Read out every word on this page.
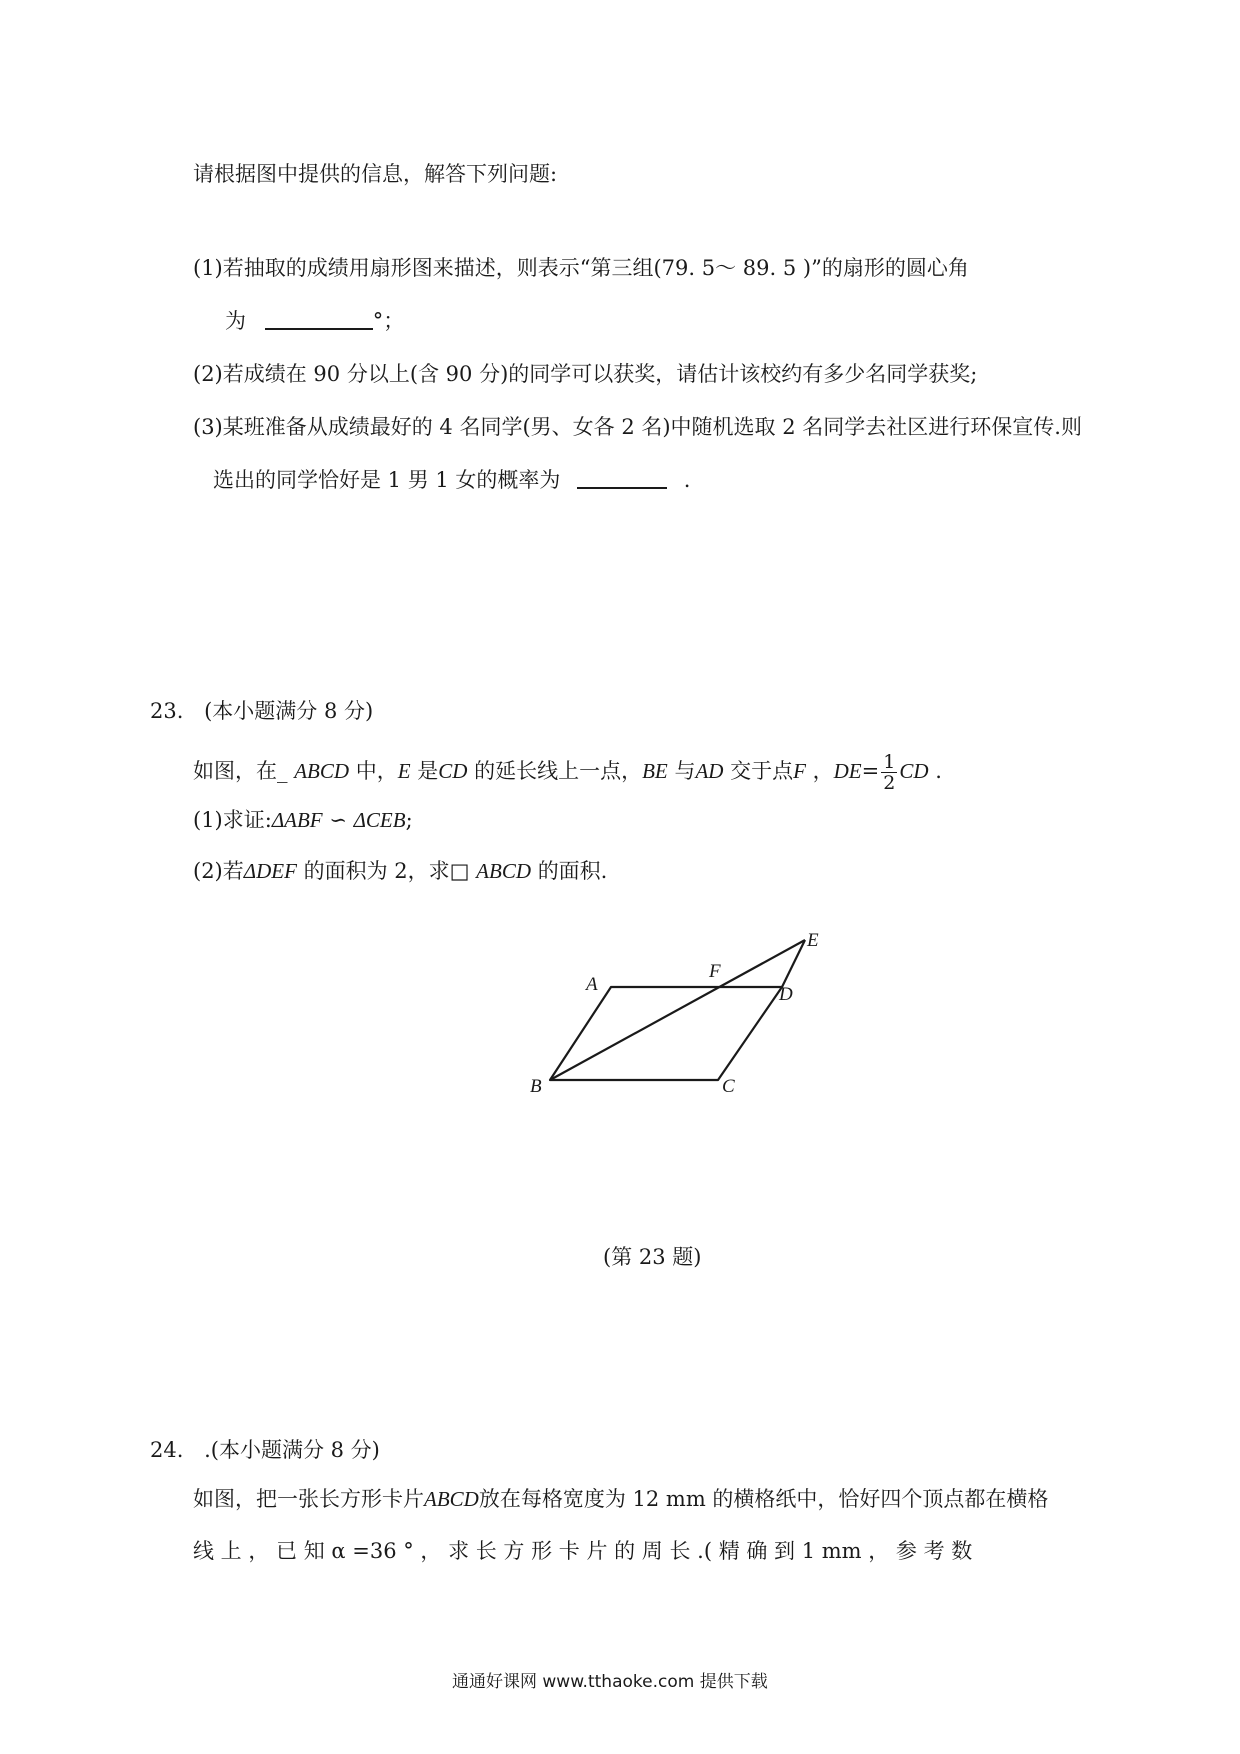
请根据图中提供的信息，解答下列问题:
(1)若抽取的成绩用扇形图来描述，则表示“第三组(79. 5～ 89. 5 )”的扇形的圆心角
为	°；
(2)若成绩在 90 分以上(含 90 分)的同学可以获奖，请估计该校约有多少名同学获奖;
(3)某班准备从成绩最好的 4 名同学(男、女各 2 名)中随机选取 2 名同学去社区进行环保宣传.则
选出的同学恰好是 1 男 1 女的概率为	.
23. (本小题满分 8 分)
如图，在_ ABCD 中，E 是CD 的延长线上一点，BE 与AD 交于点F ，$DE= \frac{1}{2}$ CD .
(1)求证:ΔABF ∽ ΔCEB;
(2)若ΔDEF 的面积为 2，求□ ABCD 的面积.
A
B	C
D
E
F
(第 23 题)
24. .(本小题满分 8 分)
如图，把一张长方形卡片ABCD放在每格宽度为 12 mm 的横格纸中，恰好四个顶点都在横格
线 上 ， 已 知 α =36 ° ， 求 长 方 形 卡 片 的 周 长 .( 精 确 到 1 mm ， 参 考 数
通通好课网 www.tthaoke.com 提供下载
